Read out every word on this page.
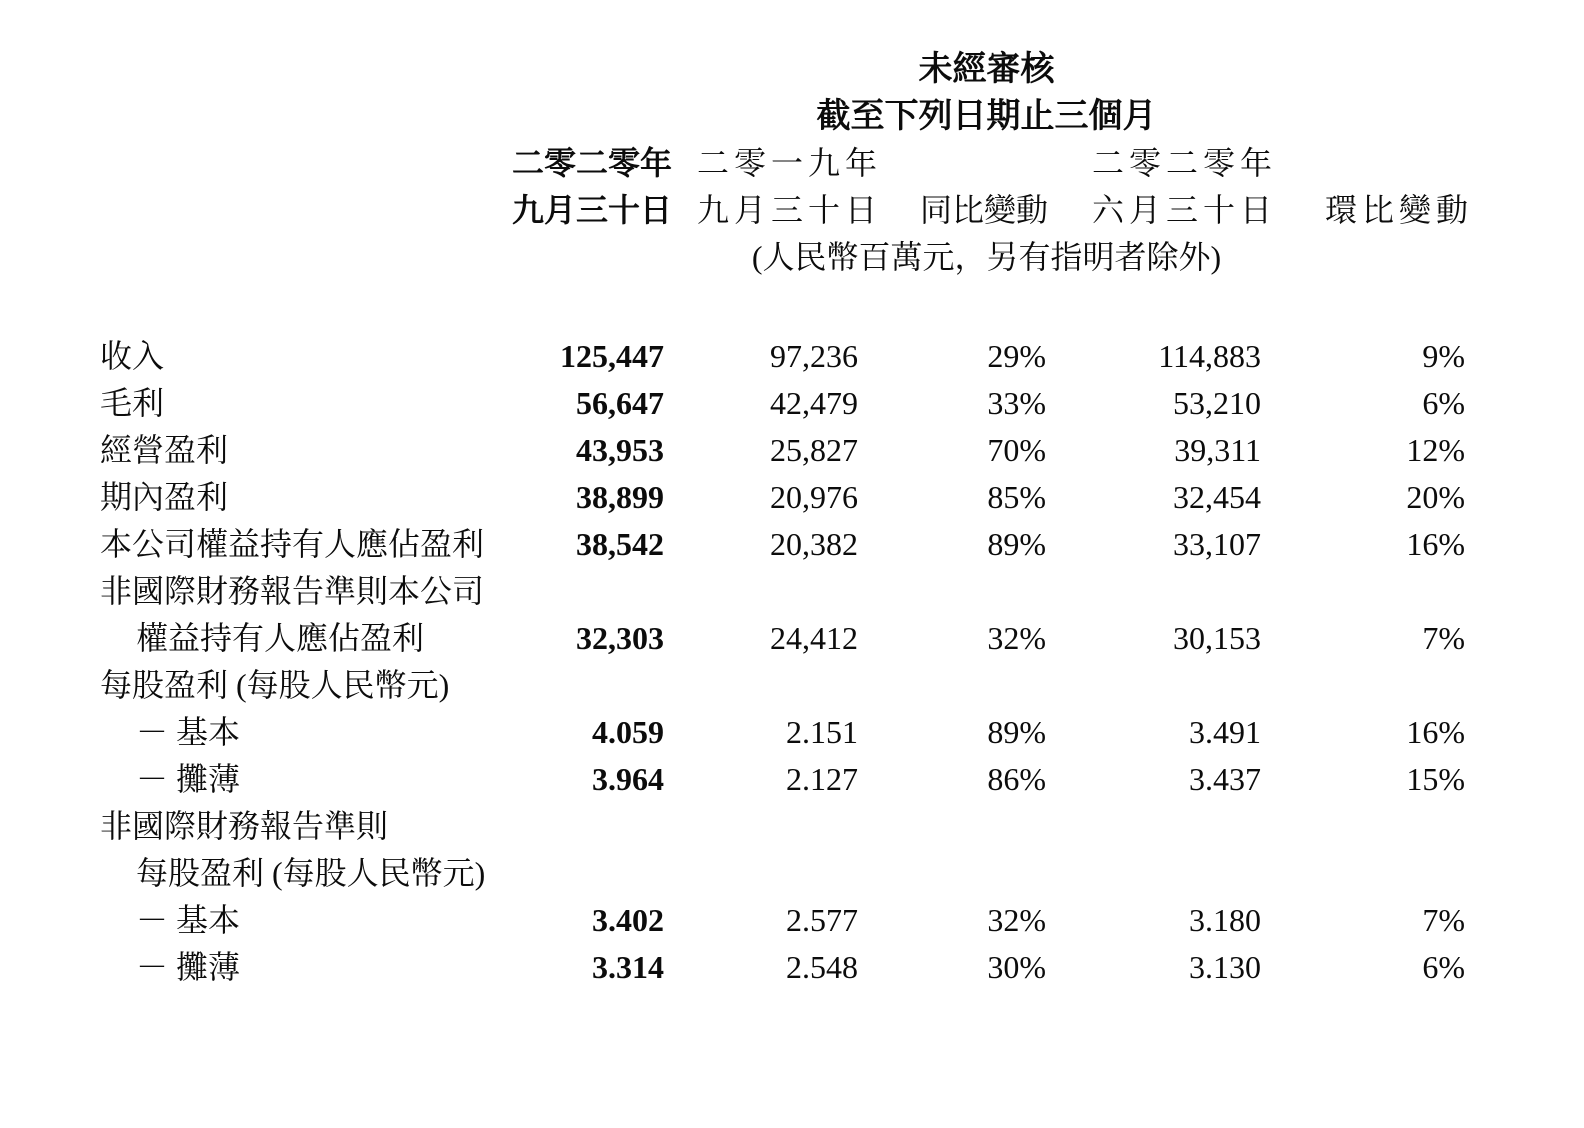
	未經審核				
	截至下列日期止三個月				
	二零二零年	二零一九年		二零二零年	
	九月三十日	九月三十日	同比變動	六月三十日	環比變動
	(人民幣百萬元，另有指明者除外)				

收入	125,447	97,236	29%	114,883	9%
毛利	56,647	42,479	33%	53,210	6%
經營盈利	43,953	25,827	70%	39,311	12%
期內盈利	38,899	20,976	85%	32,454	20%
本公司權益持有人應佔盈利	38,542	20,382	89%	33,107	16%
非國際財務報告準則本公司					
權益持有人應佔盈利	32,303	24,412	32%	30,153	7%
每股盈利 (每股人民幣元)					
－ 基本	4.059	2.151	89%	3.491	16%
－ 攤薄	3.964	2.127	86%	3.437	15%
非國際財務報告準則					
每股盈利 (每股人民幣元)					
－ 基本	3.402	2.577	32%	3.180	7%
－ 攤薄	3.314	2.548	30%	3.130	6%
